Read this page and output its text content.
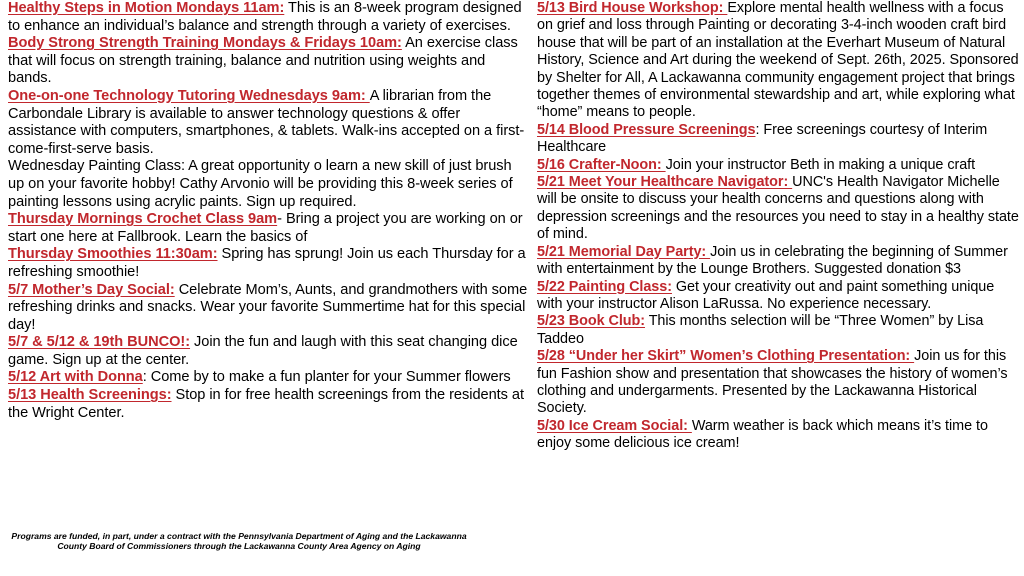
Healthy Steps in Motion Mondays 11am: This is an 8-week program designed to enhance an individual’s balance and strength through a variety of exercises.

Body Strong Strength Training Mondays & Fridays 10am: An exercise class that will focus on strength training, balance and nutrition using weights and bands.

One-on-one Technology Tutoring Wednesdays 9am: A librarian from the Carbondale Library is available to answer technology questions & offer assistance with computers, smartphones, & tablets. Walk-ins accepted on a first-come-first-serve basis.

Wednesday Painting Class: A great opportunity o learn a new skill of just brush up on your favorite hobby! Cathy Arvonio will be providing this 8-week series of painting lessons using acrylic paints. Sign up required.

Thursday Mornings Crochet Class 9am- Bring a project you are working on or start one here at Fallbrook. Learn the basics of

Thursday Smoothies 11:30am: Spring has sprung! Join us each Thursday for a refreshing smoothie!

5/7 Mother’s Day Social: Celebrate Mom’s, Aunts, and grandmothers with some refreshing drinks and snacks. Wear your favorite Summertime hat for this special day!

5/7 & 5/12 & 19th BUNCO!: Join the fun and laugh with this seat changing dice game. Sign up at the center.

5/12 Art with Donna: Come by to make a fun planter for your Summer flowers

5/13 Health Screenings: Stop in for free health screenings from the residents at the Wright Center.

Programs are funded, in part, under a contract with the Pennsylvania Department of Aging and the Lackawanna County Board of Commissioners through the Lackawanna County Area Agency on Aging

5/13 Bird House Workshop: Explore mental health wellness with a focus on grief and loss through Painting or decorating 3-4-inch wooden craft bird house that will be part of an installation at the Everhart Museum of Natural History, Science and Art during the weekend of Sept. 26th, 2025. Sponsored by Shelter for All, A Lackawanna community engagement project that brings together themes of environmental stewardship and art, while exploring what “home” means to people.

5/14 Blood Pressure Screenings: Free screenings courtesy of Interim Healthcare

5/16 Crafter-Noon: Join your instructor Beth in making a unique craft

5/21 Meet Your Healthcare Navigator: UNC's Health Navigator Michelle will be onsite to discuss your health concerns and questions along with depression screenings and the resources you need to stay in a healthy state of mind.

5/21 Memorial Day Party: Join us in celebrating the beginning of Summer with entertainment by the Lounge Brothers. Suggested donation $3

5/22 Painting Class: Get your creativity out and paint something unique with your instructor Alison LaRussa. No experience necessary.

5/23 Book Club: This months selection will be “Three Women” by Lisa Taddeo

5/28 “Under her Skirt” Women’s Clothing Presentation: Join us for this fun Fashion show and presentation that showcases the history of women’s clothing and undergarments. Presented by the Lackawanna Historical Society.

5/30 Ice Cream Social: Warm weather is back which means it’s time to enjoy some delicious ice cream!
